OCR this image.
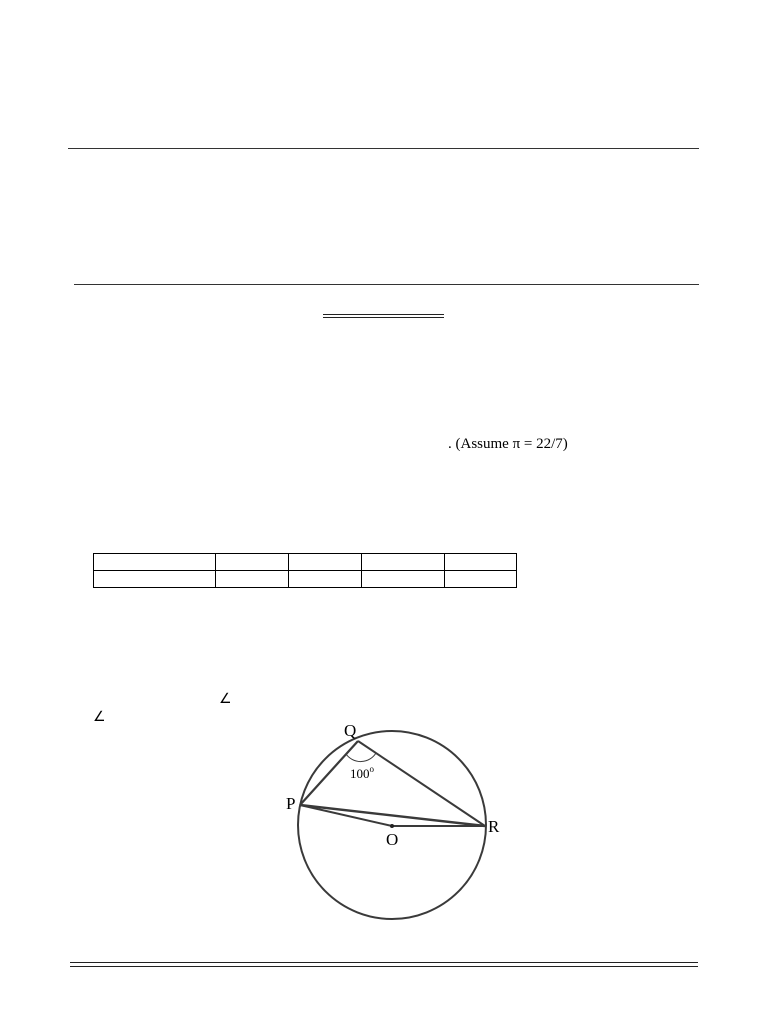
. (Assume π = 22/7)

∠
∠
Q
P
R
O
100$^o$
